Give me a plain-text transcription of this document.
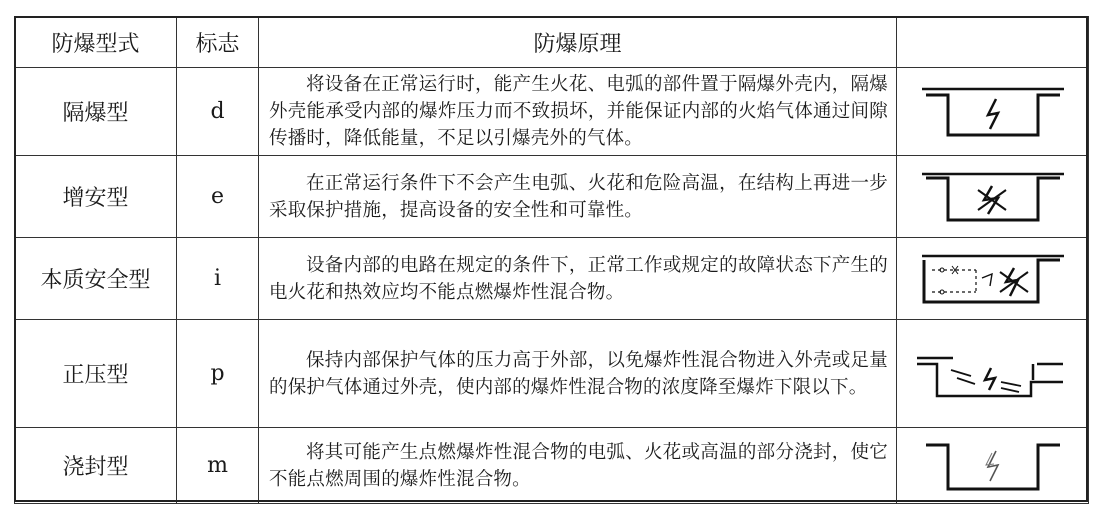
防爆型式	标志	防爆原理	
隔爆型	d	将设备在正常运行时，能产生火花、电弧的部件置于隔爆外壳内，隔爆外壳能承受内部的爆炸压力而不致损坏，并能保证内部的火焰气体通过间隙传播时，降低能量，不足以引爆壳外的气体。

增安型	e	在正常运行条件下不会产生电弧、火花和危险高温，在结构上再进一步采取保护措施，提高设备的安全性和可靠性。

本质安全型	i	设备内部的电路在规定的条件下，正常工作或规定的故障状态下产生的电火花和热效应均不能点燃爆炸性混合物。

正压型	p	保持内部保护气体的压力高于外部，以免爆炸性混合物进入外壳或足量的保护气体通过外壳，使内部的爆炸性混合物的浓度降至爆炸下限以下。

浇封型	m	将其可能产生点燃爆炸性混合物的电弧、火花或高温的部分浇封，使它不能点燃周围的爆炸性混合物。
